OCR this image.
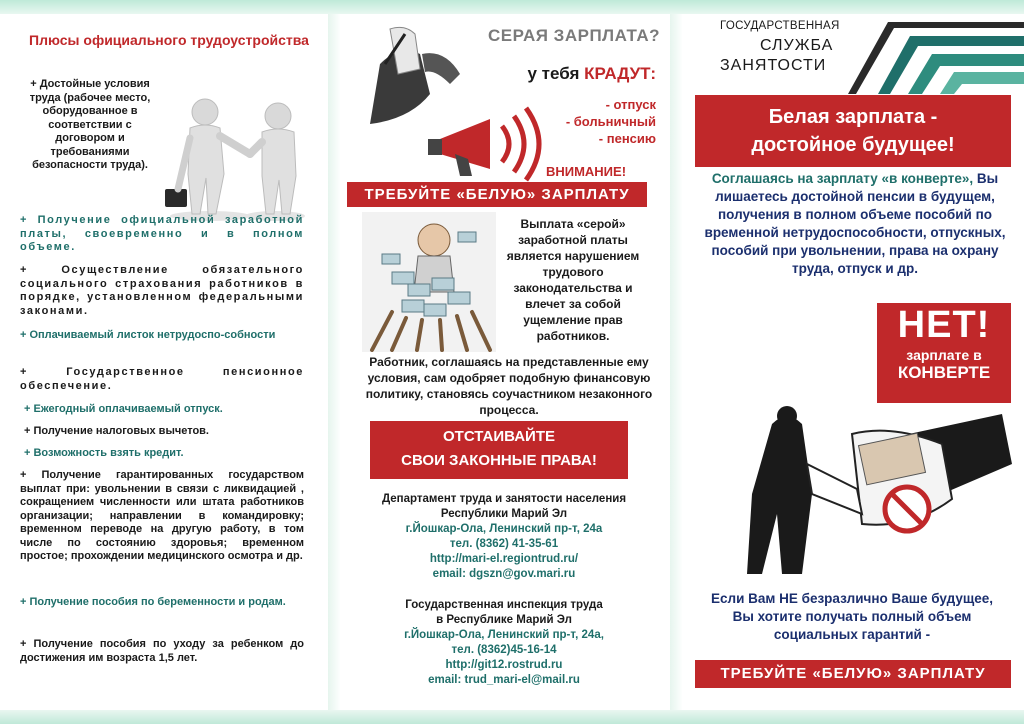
Плюсы официального трудоустройства
+ Достойные условия труда (рабочее место, оборудованное в соответствии с договором и требованиями безопасности труда).
+ Получение официальной заработной платы, своевременно и в полном объеме.
+ Осуществление обязательного социального страхования работников в порядке, установленном федеральными законами.
+ Оплачиваемый листок нетрудоспо-собности
+ Государственное пенсионное обеспечение.
+ Ежегодный оплачиваемый отпуск.
+ Получение налоговых вычетов.
+ Возможность взять кредит.
+ Получение гарантированных государством выплат при: увольнении в связи с ликвидацией , сокращением численности или штата работников организации; направлении в командировку; временном переводе на другую работу, в том числе по состоянию здоровья; временном простое; прохождении медицинского осмотра и др.
+ Получение пособия по беременности и родам.
+ Получение пособия по уходу за ребенком до достижения им возраста 1,5 лет.
СЕРАЯ ЗАРПЛАТА?
у тебя КРАДУТ:
- отпуск
- больничный
- пенсию
ВНИМАНИЕ!
ТРЕБУЙТЕ «БЕЛУЮ» ЗАРПЛАТУ
Выплата «серой» заработной платы является нарушением трудового законодательства и влечет за собой ущемление прав работников.
Работник, соглашаясь на представленные ему условия, сам одобряет подобную финансовую политику, становясь соучастником незаконного процесса.
ОТСТАИВАЙТЕ
СВОИ ЗАКОННЫЕ ПРАВА!
Департамент труда и занятости населения
Республики Марий Эл
г.Йошкар-Ола, Ленинский пр-т, 24а
тел. (8362) 41-35-61
http://mari-el.regiontrud.ru/
email: dgszn@gov.mari.ru
Государственная инспекция труда
в Республике Марий Эл
г.Йошкар-Ола, Ленинский пр-т, 24а,
тел. (8362)45-16-14
http://git12.rostrud.ru
email: trud_mari-el@mail.ru
ГОСУДАРСТВЕННАЯ
СЛУЖБА
ЗАНЯТОСТИ
Белая зарплата -
достойное будущее!
Соглашаясь на зарплату «в конверте», Вы лишаетесь достойной пенсии в будущем, получения в полном объеме пособий по временной нетрудоспособности, отпускных, пособий при увольнении, права на охрану труда, отпуск и др.
НЕТ!
зарплате в
КОНВЕРТЕ
Если Вам НЕ безразлично Ваше будущее, Вы хотите получать полный объем социальных гарантий -
ТРЕБУЙТЕ «БЕЛУЮ» ЗАРПЛАТУ
